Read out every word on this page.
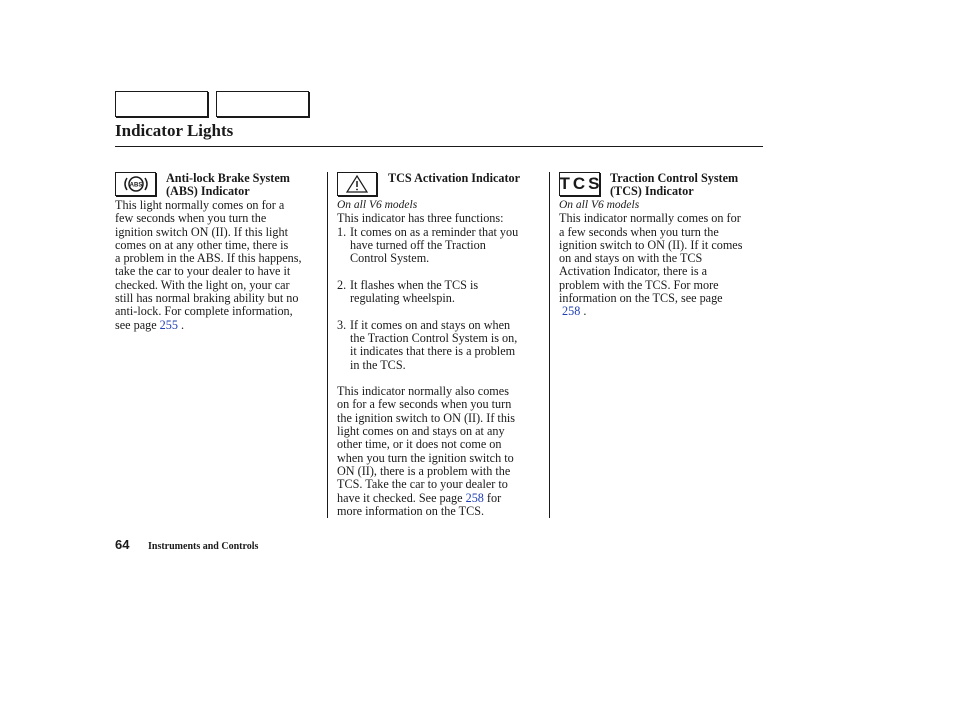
Indicator Lights
ABS
Anti-lock Brake System
(ABS) Indicator
This light normally comes on for a
few seconds when you turn the
ignition switch ON (II). If this light
comes on at any other time, there is
a problem in the ABS. If this happens,
take the car to your dealer to have it
checked. With the light on, your car
still has normal braking ability but no
anti-lock. For complete information,
see page 255 .
TCS Activation Indicator
On all V6 models
This indicator has three functions:
1. It comes on as a reminder that you
have turned off the Traction
Control System.
2. It flashes when the TCS is
regulating wheelspin.
3. If it comes on and stays on when
the Traction Control System is on,
it indicates that there is a problem
in the TCS.
This indicator normally also comes
on for a few seconds when you turn
the ignition switch to ON (II). If this
light comes on and stays on at any
other time, or it does not come on
when you turn the ignition switch to
ON (II), there is a problem with the
TCS. Take the car to your dealer to
have it checked. See page 258 for
more information on the TCS.
TCS Traction Control System
(TCS) Indicator
On all V6 models
This indicator normally comes on for
a few seconds when you turn the
ignition switch to ON (II). If it comes
on and stays on with the TCS
Activation Indicator, there is a
problem with the TCS. For more
information on the TCS, see page
258 .
64 Instruments and Controls
